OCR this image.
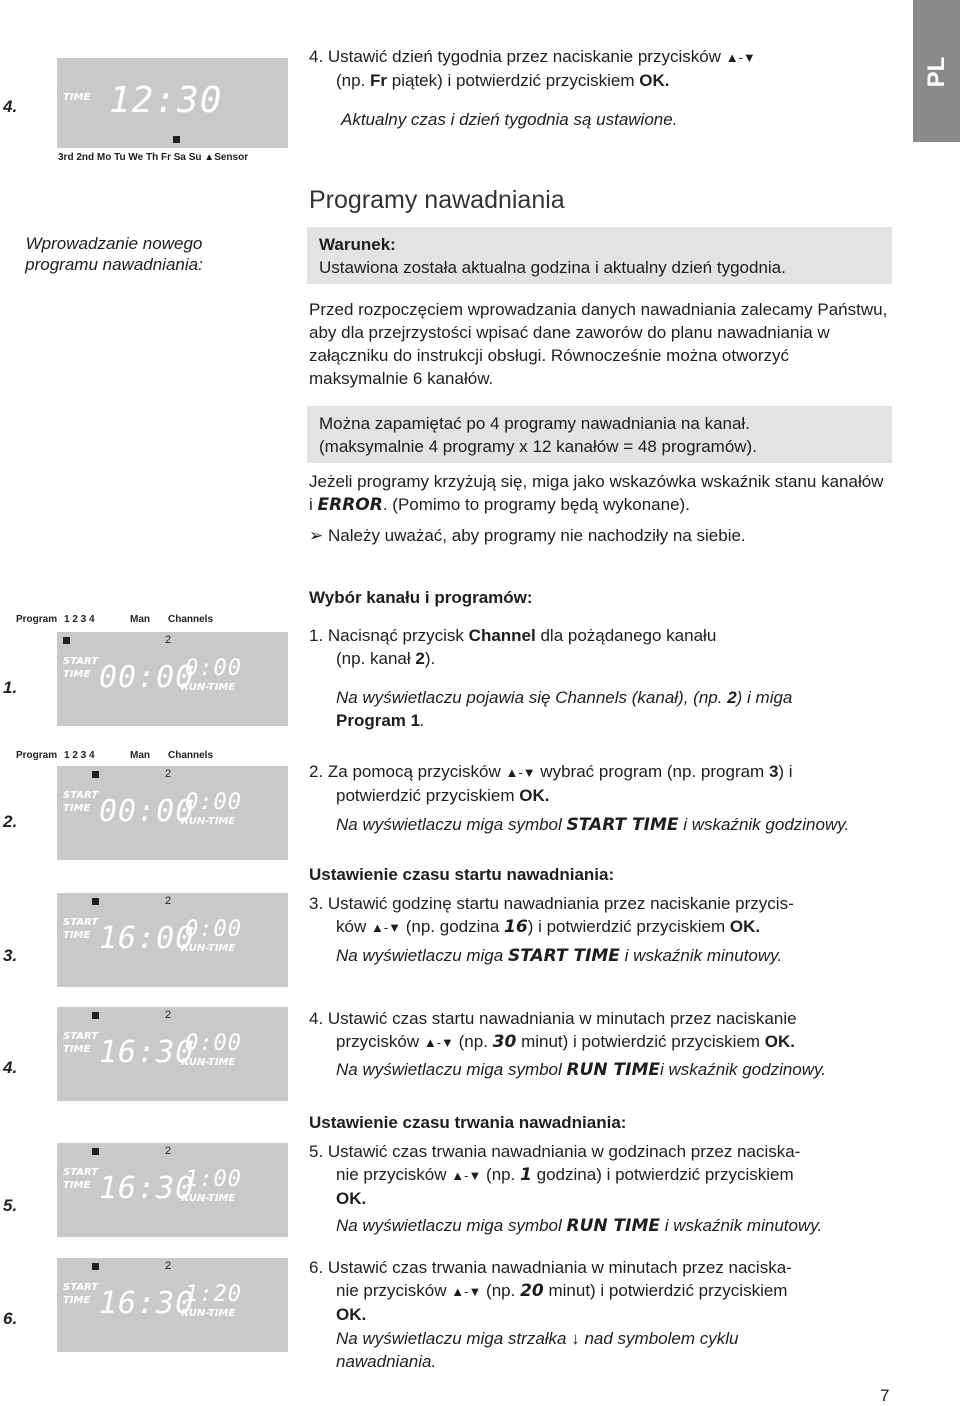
PL
4.	TIME 12:30
3rd 2nd Mo Tu We Th Fr Sa Su ▲Sensor
4. Ustawić dzień tygodnia przez naciskanie przycisków ▲-▼
(np. Fr piątek) i potwierdzić przyciskiem OK.
Aktualny czas i dzień tygodnia są ustawione.
Wprowadzanie nowego programu nawadniania:
Programy nawadniania
Warunek:
Ustawiona została aktualna godzina i aktualny dzień tygodnia.
Przed rozpoczęciem wprowadzania danych nawadniania zalecamy Państwu, aby dla przejrzystości wpisać dane zaworów do planu nawadniania w załączniku do instrukcji obsługi. Równocześnie można otworzyć maksymalnie 6 kanałów.
Można zapamiętać po 4 programy nawadniania na kanał.
(maksymalnie 4 programy x 12 kanałów = 48 programów).
Jeżeli programy krzyżują się, miga jako wskazówka wskaźnik stanu kanałów i ERROR. (Pomimo to programy będą wykonane).
➢ Należy uważać, aby programy nie nachodziły na siebie.
Program 1 2 3 4	Man Channels
Program 1 2 3 4	Man Channels
1.
2
START
TIME 00:00
0:00
RUN-TIME
2.
2
START
TIME 00:00
0:00
RUN-TIME
3.
2
START
TIME 16:00
0:00
RUN-TIME
4.
2
START
TIME 16:30
0:00
RUN-TIME
5.
2
START
TIME 16:30
1:00
RUN-TIME
6.
2
START
TIME 16:30
1:20
RUN-TIME
Wybór kanału i programów:
1. Nacisnąć przycisk Channel dla pożądanego kanału
(np. kanał 2).
Na wyświetlaczu pojawia się Channels (kanał), (np. 2) i miga
Program 1.
2. Za pomocą przycisków ▲-▼ wybrać program (np. program 3) i
potwierdzić przyciskiem OK.
Na wyświetlaczu miga symbol START TIME i wskaźnik godzinowy.
Ustawienie czasu startu nawadniania:
3. Ustawić godzinę startu nawadniania przez naciskanie przycis-
ków ▲-▼ (np. godzina 16) i potwierdzić przyciskiem OK.
Na wyświetlaczu miga START TIME i wskaźnik minutowy.
4. Ustawić czas startu nawadniania w minutach przez naciskanie
przycisków ▲-▼ (np. 30 minut) i potwierdzić przyciskiem OK.
Na wyświetlaczu miga symbol RUN TIMEi wskaźnik godzinowy.
Ustawienie czasu trwania nawadniania:
5. Ustawić czas trwania nawadniania w godzinach przez naciska-
nie przycisków ▲-▼ (np. 1 godzina) i potwierdzić przyciskiem
OK.
Na wyświetlaczu miga symbol RUN TIME i wskaźnik minutowy.
6. Ustawić czas trwania nawadniania w minutach przez naciska-
nie przycisków ▲-▼ (np. 20 minut) i potwierdzić przyciskiem
OK.
Na wyświetlaczu miga strzałka ↓ nad symbolem cyklu
nawadniania.
7
